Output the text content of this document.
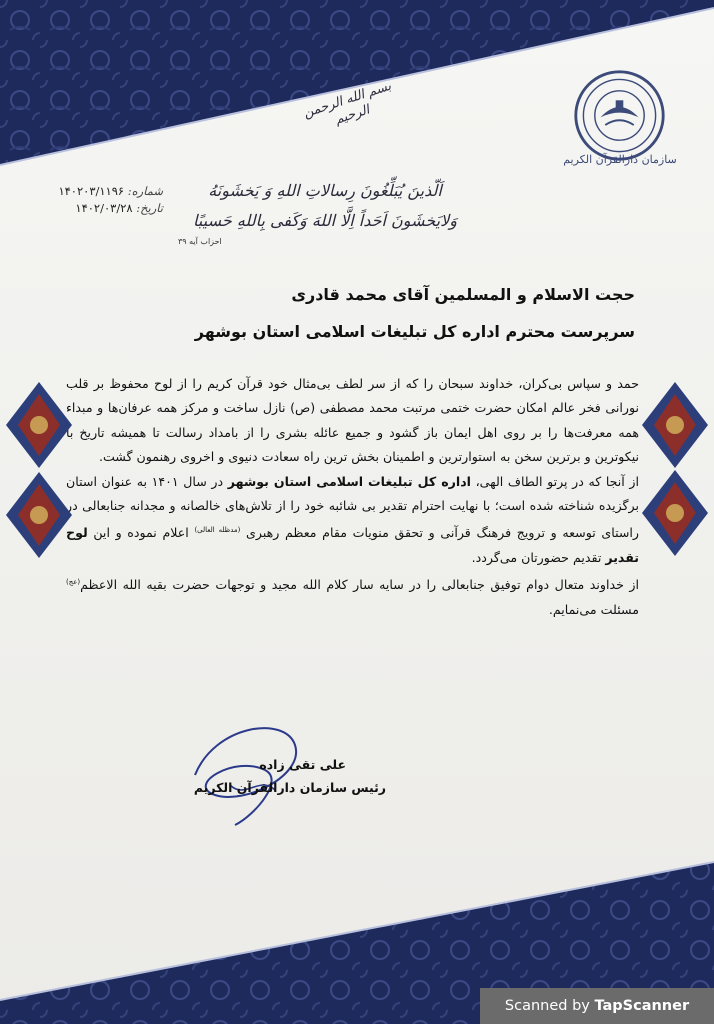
سازمان دارالقرآن الکریم
بسم الله الرحمن الرحیم
شماره: ۱۴۰۲۰۳/۱۱۹۶
تاریخ: ۱۴۰۲/۰۳/۲۸
اَلّذینَ یُبَلِّغُونَ رِسالاتِ اللهِ وَ یَخشَونَهُ
وَلایَخشَونَ اَحَداً اِلَّا اللهَ وَکَفی بِاللهِ حَسیبًا
احزاب آیه ۳۹
حجت الاسلام و المسلمین آقای محمد قادری
سرپرست محترم اداره کل تبلیغات اسلامی استان بوشهر

حمد و سپاس بی‌کران، خداوند سبحان را که از سر لطف بی‌مثال خود قرآن کریم را از لوح محفوظ بر قلب نورانی فخر عالم امکان حضرت ختمی مرتبت محمد مصطفی (ص) نازل ساخت و مرکز همه عرفان‌ها و مبداء همه معرفت‌ها را بر روی اهل ایمان باز گشود و جمیع عائله بشری را از بامداد رسالت تا همیشه تاریخ با نیکوترین و برترین سخن به استوارترین و اطمینان بخش ترین راه سعادت دنیوی و اخروی رهنمون گشت.

از آنجا که در پرتو الطاف الهی، اداره کل تبلیغات اسلامی استان بوشهر در سال ۱۴۰۱ به عنوان استان برگزیده شناخته شده است؛ با نهایت احترام تقدیر بی شائبه خود را از تلاش‌های خالصانه و مجدانه جنابعالی در راستای توسعه و ترویج فرهنگ قرآنی و تحقق منویات مقام معظم رهبری $^{(مدظله العالی)}$ اعلام نموده و این لوح تقدیر تقدیم حضورتان می‌گردد.

از خداوند متعال دوام توفیق جنابعالی را در سایه سار کلام الله مجید و توجهات حضرت بقیه الله الاعظم$^{(عج)}$ مسئلت می‌نمایم.

علی تقی زاده
رئیس سازمان دارالقرآن الکریم
Scanned by TapScanner
